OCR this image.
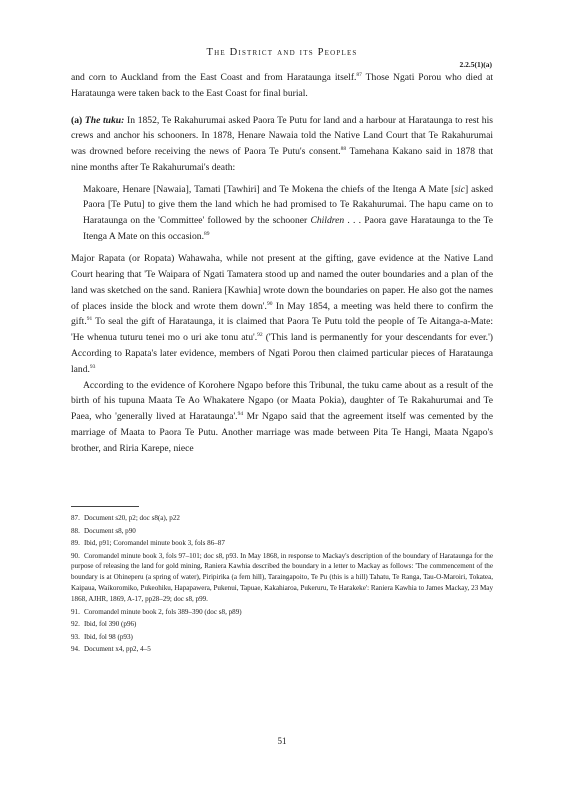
The District and its Peoples
2.2.5(1)(a)

and corn to Auckland from the East Coast and from Harataunga itself.$^{87}$ Those Ngati Porou who died at Harataunga were taken back to the East Coast for final burial.

(a) The tuku: In 1852, Te Rakahurumai asked Paora Te Putu for land and a harbour at Harataunga to rest his crews and anchor his schooners. In 1878, Henare Nawaia told the Native Land Court that Te Rakahurumai was drowned before receiving the news of Paora Te Putu's consent.$^{88}$ Tamehana Kakano said in 1878 that nine months after Te Rakahurumai's death:

Makoare, Henare [Nawaia], Tamati [Tawhiri] and Te Mokena the chiefs of the Itenga A Mate [sic] asked Paora [Te Putu] to give them the land which he had promised to Te Rakahurumai. The hapu came on to Harataunga on the 'Committee' followed by the schooner Children . . . Paora gave Harataunga to the Te Itenga A Mate on this occasion.$^{89}$

Major Rapata (or Ropata) Wahawaha, while not present at the gifting, gave evidence at the Native Land Court hearing that 'Te Waipara of Ngati Tamatera stood up and named the outer boundaries and a plan of the land was sketched on the sand. Raniera [Kawhia] wrote down the boundaries on paper. He also got the names of places inside the block and wrote them down'.$^{90}$ In May 1854, a meeting was held there to confirm the gift.$^{91}$ To seal the gift of Harataunga, it is claimed that Paora Te Putu told the people of Te Aitanga-a-Mate: 'He whenua tuturu tenei mo o uri ake tonu atu'.$^{92}$ ('This land is permanently for your descendants for ever.') According to Rapata's later evidence, members of Ngati Porou then claimed particular pieces of Harataunga land.$^{93}$

According to the evidence of Korohere Ngapo before this Tribunal, the tuku came about as a result of the birth of his tupuna Maata Te Ao Whakatere Ngapo (or Maata Pokia), daughter of Te Rakahurumai and Te Paea, who 'generally lived at Harataunga'.$^{94}$ Mr Ngapo said that the agreement itself was cemented by the marriage of Maata to Paora Te Putu. Another marriage was made between Pita Te Hangi, Maata Ngapo's brother, and Riria Karepe, niece

87. Document s20, p2; doc s8(a), p22
88. Document s8, p90
89. Ibid, p91; Coromandel minute book 3, fols 86–87
90. Coromandel minute book 3, fols 97–101; doc s8, p93. In May 1868, in response to Mackay's description of the boundary of Harataunga for the purpose of releasing the land for gold mining, Raniera Kawhia described the boundary in a letter to Mackay as follows: 'The commencement of the boundary is at Ohineperu (a spring of water), Piripirika (a fern hill), Taraingapoito, Te Pu (this is a hill) Tahatu, Te Ranga, Tau-O-Maroiri, Tokatea, Kaipaua, Waikoromiko, Pukeohiku, Hapapawera, Pukenui, Tapuae, Kakahiaroa, Pukeruru, Te Harakeke': Raniera Kawhia to James Mackay, 23 May 1868, AJHR, 1869, A-17, pp28–29; doc s8, p99.
91. Coromandel minute book 2, fols 389–390 (doc s8, p89)
92. Ibid, fol 390 (p96)
93. Ibid, fol 98 (p93)
94. Document x4, pp2, 4–5
51
